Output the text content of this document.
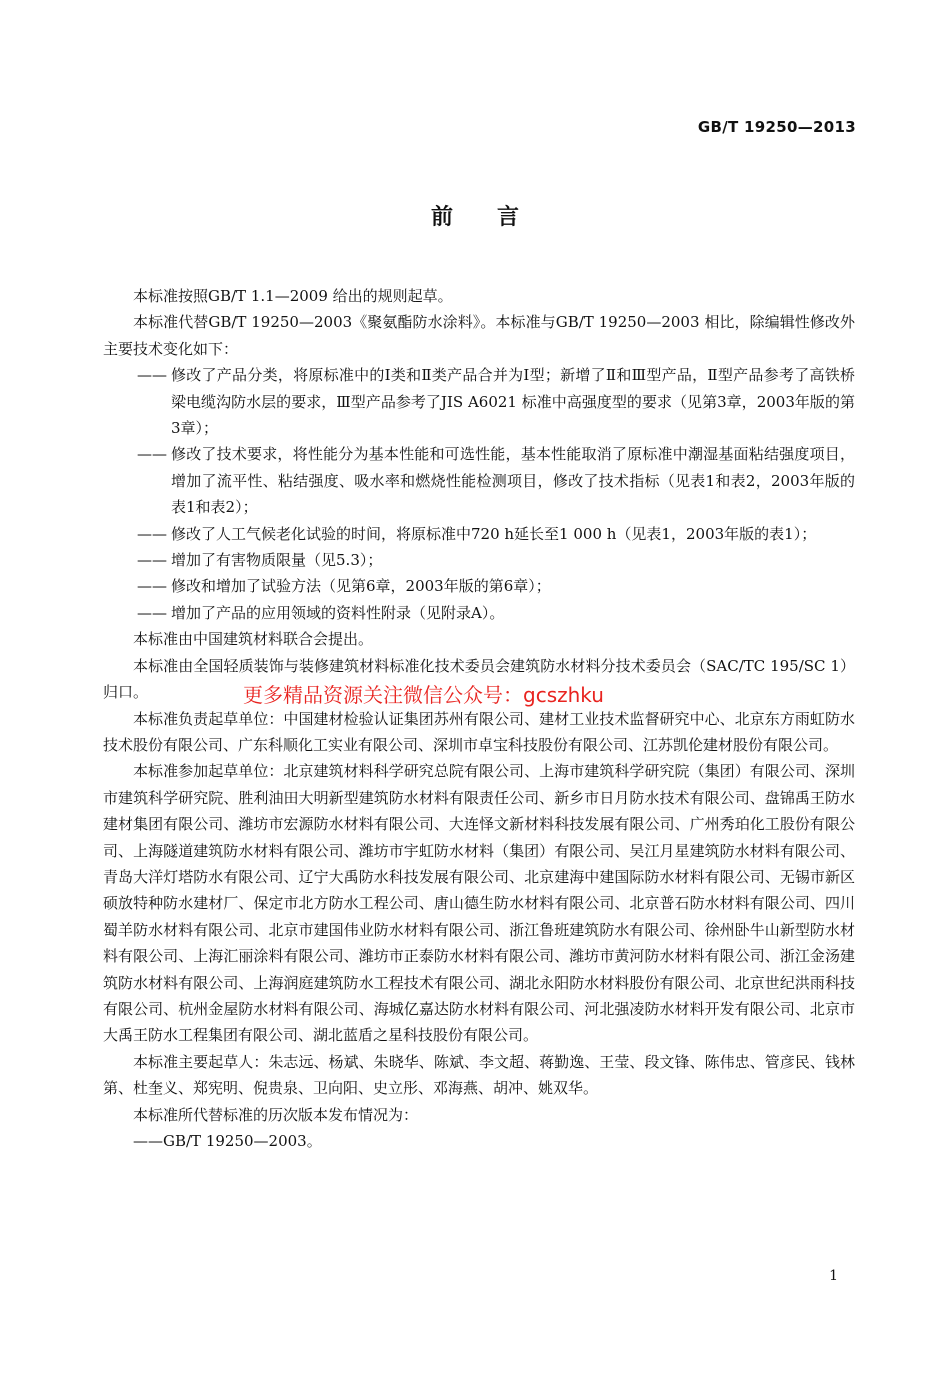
GB/T 19250—2013
前言

本标准按照GB/T 1.1—2009 给出的规则起草。

本标准代替GB/T 19250—2003《聚氨酯防水涂料》。本标准与GB/T 19250—2003 相比，除编辑性修改外主要技术变化如下：

—— 修改了产品分类，将原标准中的Ⅰ类和Ⅱ类产品合并为Ⅰ型；新增了Ⅱ和Ⅲ型产品，Ⅱ型产品参考了高铁桥梁电缆沟防水层的要求，Ⅲ型产品参考了JIS A6021 标准中高强度型的要求（见第3章，2003年版的第3章）；

—— 修改了技术要求，将性能分为基本性能和可选性能，基本性能取消了原标准中潮湿基面粘结强度项目，增加了流平性、粘结强度、吸水率和燃烧性能检测项目，修改了技术指标（见表1和表2，2003年版的表1和表2）；

—— 修改了人工气候老化试验的时间，将原标准中720 h延长至1 000 h（见表1，2003年版的表1）；

—— 增加了有害物质限量（见5.3）；

—— 修改和增加了试验方法（见第6章，2003年版的第6章）；

—— 增加了产品的应用领域的资料性附录（见附录A）。

本标准由中国建筑材料联合会提出。

本标准由全国轻质装饰与装修建筑材料标准化技术委员会建筑防水材料分技术委员会（SAC/TC 195/SC 1）归口。

本标准负责起草单位：中国建材检验认证集团苏州有限公司、建材工业技术监督研究中心、北京东方雨虹防水技术股份有限公司、广东科顺化工实业有限公司、深圳市卓宝科技股份有限公司、江苏凯伦建材股份有限公司。

本标准参加起草单位：北京建筑材料科学研究总院有限公司、上海市建筑科学研究院（集团）有限公司、深圳市建筑科学研究院、胜利油田大明新型建筑防水材料有限责任公司、新乡市日月防水技术有限公司、盘锦禹王防水建材集团有限公司、潍坊市宏源防水材料有限公司、大连怿文新材料科技发展有限公司、广州秀珀化工股份有限公司、上海隧道建筑防水材料有限公司、潍坊市宇虹防水材料（集团）有限公司、吴江月星建筑防水材料有限公司、青岛大洋灯塔防水有限公司、辽宁大禹防水科技发展有限公司、北京建海中建国际防水材料有限公司、无锡市新区硕放特种防水建材厂、保定市北方防水工程公司、唐山德生防水材料有限公司、北京普石防水材料有限公司、四川蜀羊防水材料有限公司、北京市建国伟业防水材料有限公司、浙江鲁班建筑防水有限公司、徐州卧牛山新型防水材料有限公司、上海汇丽涂料有限公司、潍坊市正泰防水材料有限公司、潍坊市黄河防水材料有限公司、浙江金汤建筑防水材料有限公司、上海润庭建筑防水工程技术有限公司、湖北永阳防水材料股份有限公司、北京世纪洪雨科技有限公司、杭州金屋防水材料有限公司、海城亿嘉达防水材料有限公司、河北强凌防水材料开发有限公司、北京市大禹王防水工程集团有限公司、湖北蓝盾之星科技股份有限公司。

本标准主要起草人：朱志远、杨斌、朱晓华、陈斌、李文超、蒋勤逸、王莹、段文锋、陈伟忠、管彦民、钱林第、杜奎义、郑宪明、倪贵泉、卫向阳、史立彤、邓海燕、胡冲、姚双华。

本标准所代替标准的历次版本发布情况为：

——GB/T 19250—2003。

更多精品资源关注微信公众号：gcszhku
1
